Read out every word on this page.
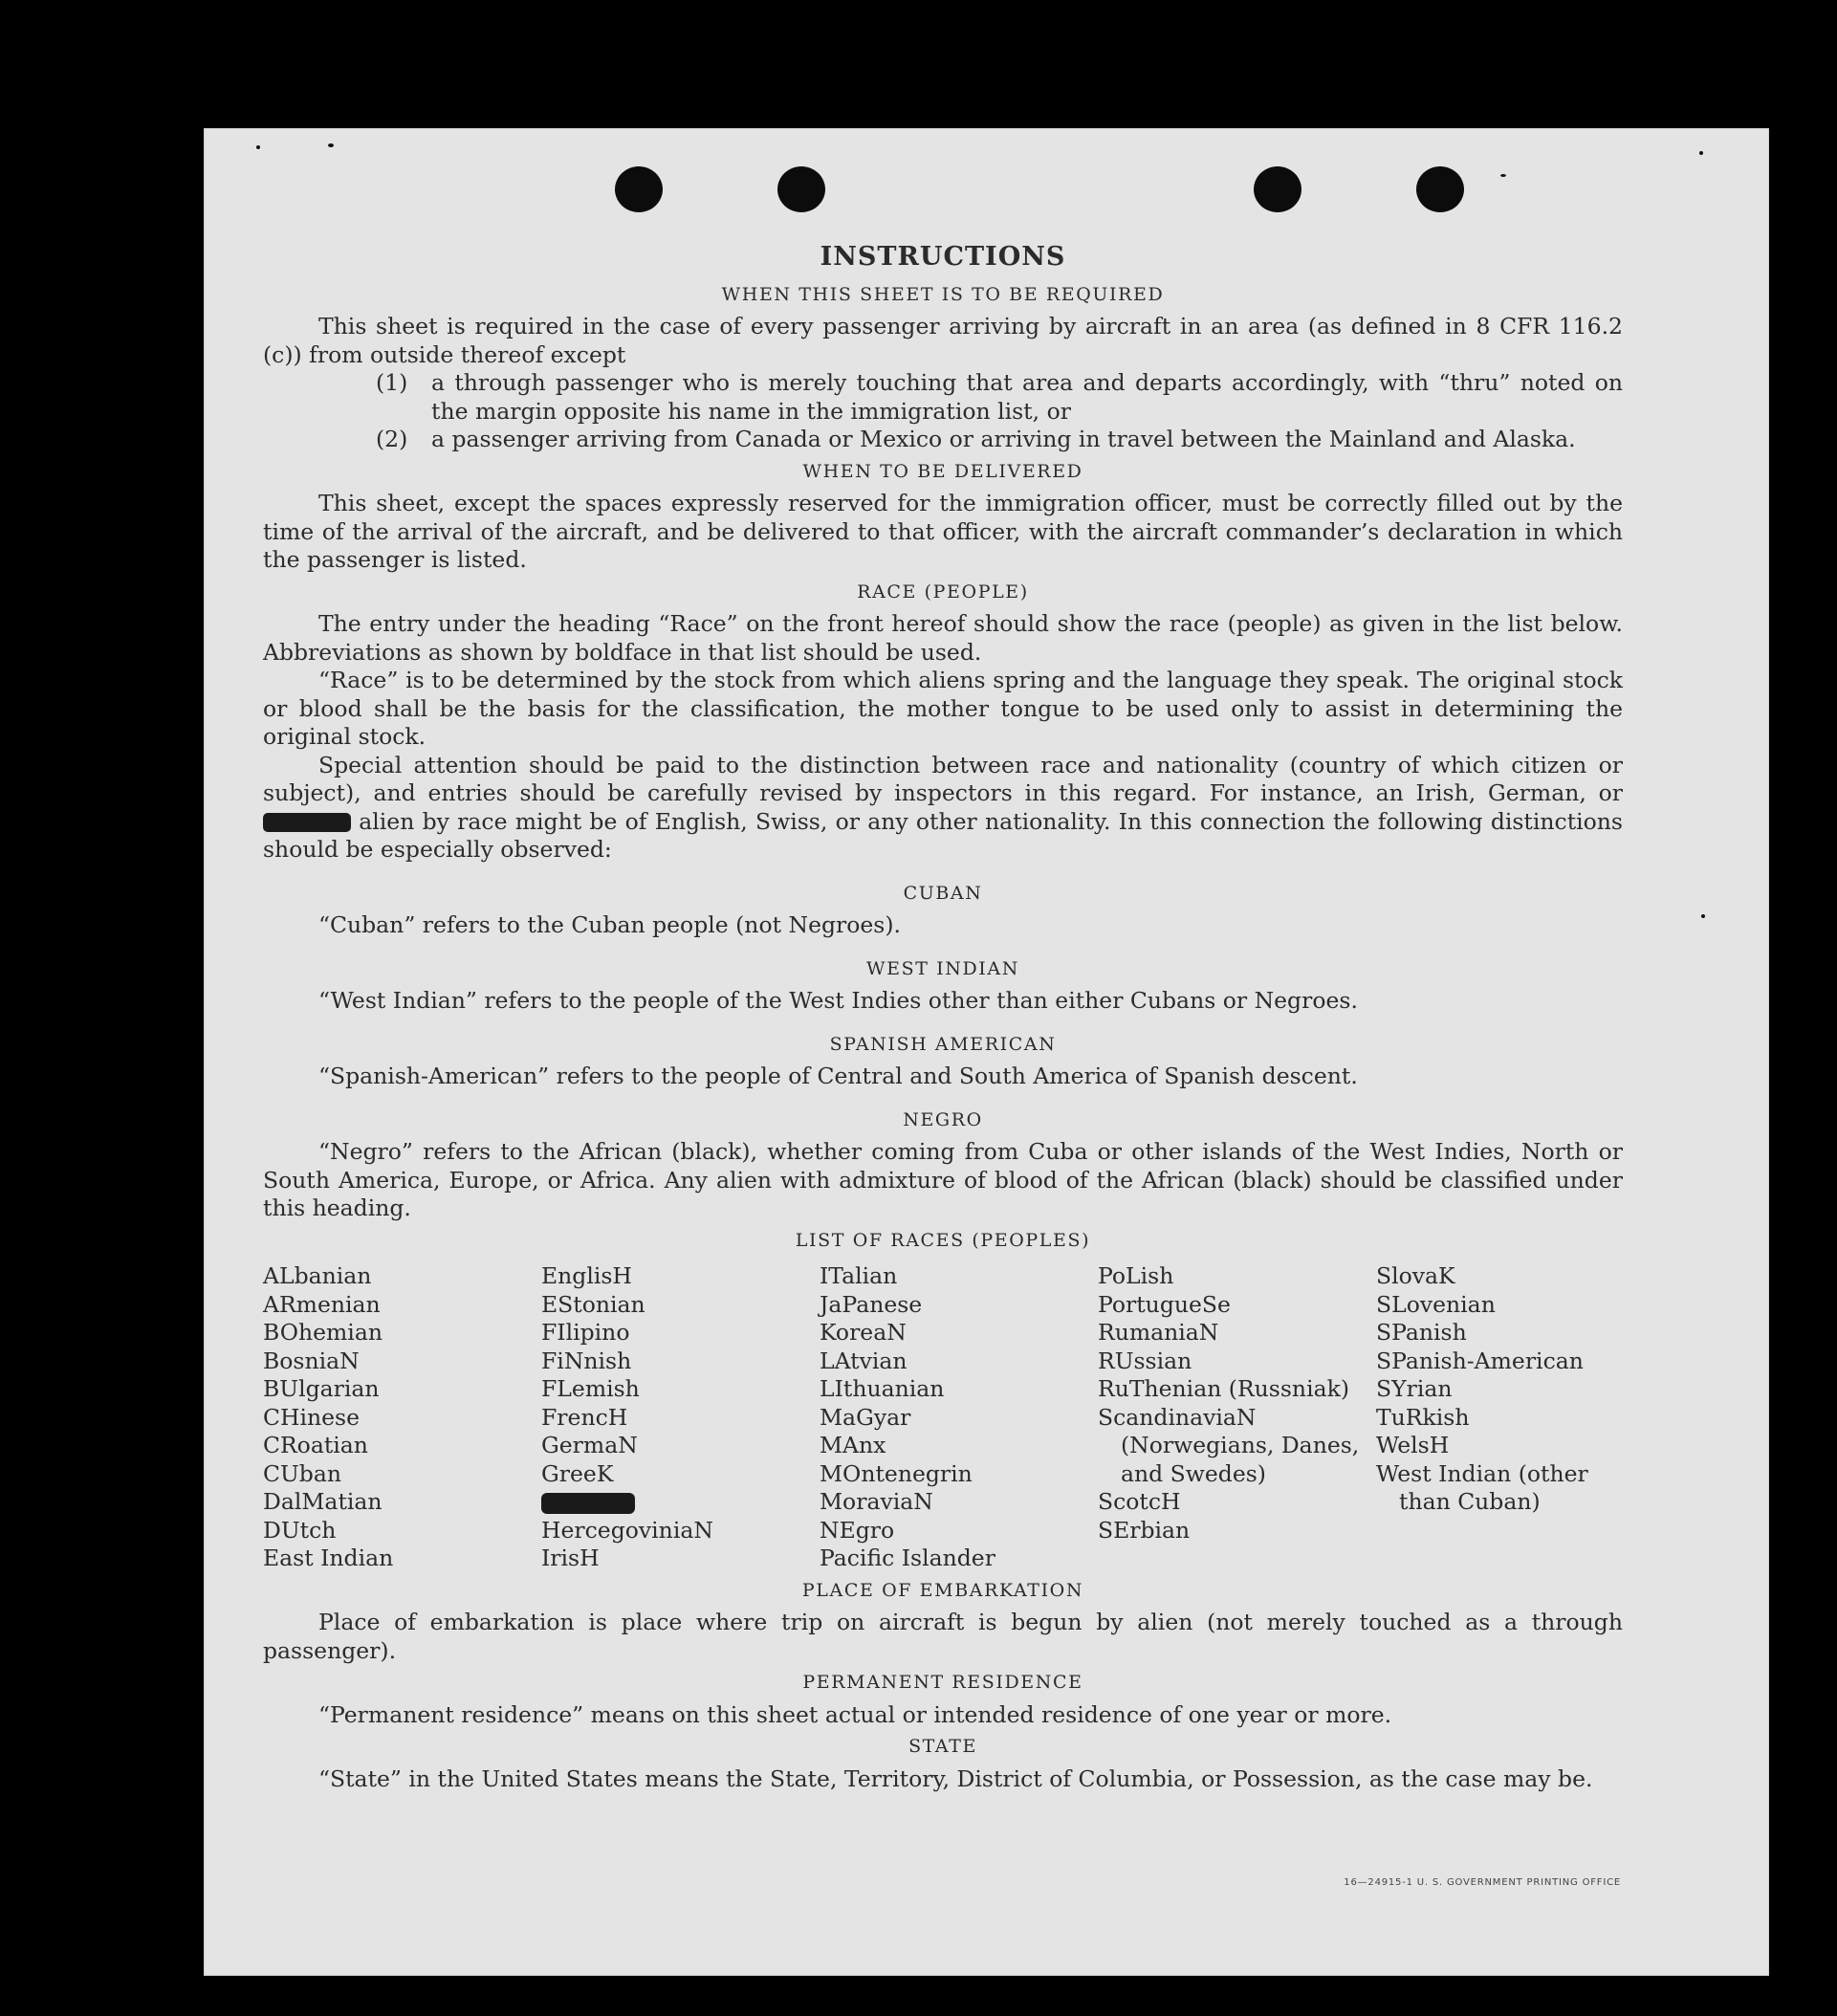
INSTRUCTIONS
WHEN THIS SHEET IS TO BE REQUIRED

This sheet is required in the case of every passenger arriving by aircraft in an area (as defined in 8 CFR 116.2 (c)) from outside thereof except

(1)	a through passenger who is merely touching that area and departs accordingly, with “thru” noted on the margin opposite his name in the immigration list, or
(2)	a passenger arriving from Canada or Mexico or arriving in travel between the Mainland and Alaska.
WHEN TO BE DELIVERED

This sheet, except the spaces expressly reserved for the immigration officer, must be correctly filled out by the time of the arrival of the aircraft, and be delivered to that officer, with the aircraft commander’s declaration in which the passenger is listed.

RACE (PEOPLE)

The entry under the heading “Race” on the front hereof should show the race (people) as given in the list below. Abbreviations as shown by boldface in that list should be used.

“Race” is to be determined by the stock from which aliens spring and the language they speak. The original stock or blood shall be the basis for the classification, the mother tongue to be used only to assist in determining the original stock.

Special attention should be paid to the distinction between race and nationality (country of which citizen or subject), and entries should be carefully revised by inspectors in this regard. For instance, an Irish, German, or  alien by race might be of English, Swiss, or any other nationality. In this connection the following distinctions should be especially observed:

CUBAN

“Cuban” refers to the Cuban people (not Negroes).

WEST INDIAN

“West Indian” refers to the people of the West Indies other than either Cubans or Negroes.

SPANISH AMERICAN

“Spanish-American” refers to the people of Central and South America of Spanish descent.

NEGRO

“Negro” refers to the African (black), whether coming from Cuba or other islands of the West Indies, North or South America, Europe, or Africa. Any alien with admixture of blood of the African (black) should be classified under this heading.

LIST OF RACES (PEOPLES)
ALbanian
ARmenian
BOhemian
BosniaN
BUlgarian
CHinese
CRoatian
CUban
DalMatian
DUtch
East Indian
EnglisH
EStonian
FIlipino
FiNnish
FLemish
FrencH
GermaN
GreeK
HercegoviniaN
IrisH
ITalian
JaPanese
KoreaN
LAtvian
LIthuanian
MaGyar
MAnx
MOntenegrin
MoraviaN
NEgro
Pacific Islander
PoLish
PortugueSe
RumaniaN
RUssian
RuThenian (Russniak)
ScandinaviaN (Norwegians, Danes, and Swedes)
ScotcH
SErbian
SlovaK
SLovenian
SPanish
SPanish-American
SYrian
TuRkish
WelsH
West Indian (other than Cuban)
PLACE OF EMBARKATION

Place of embarkation is place where trip on aircraft is begun by alien (not merely touched as a through passenger).

PERMANENT RESIDENCE

“Permanent residence” means on this sheet actual or intended residence of one year or more.

STATE

“State” in the United States means the State, Territory, District of Columbia, or Possession, as the case may be.

16—24915-1 U. S. GOVERNMENT PRINTING OFFICE
